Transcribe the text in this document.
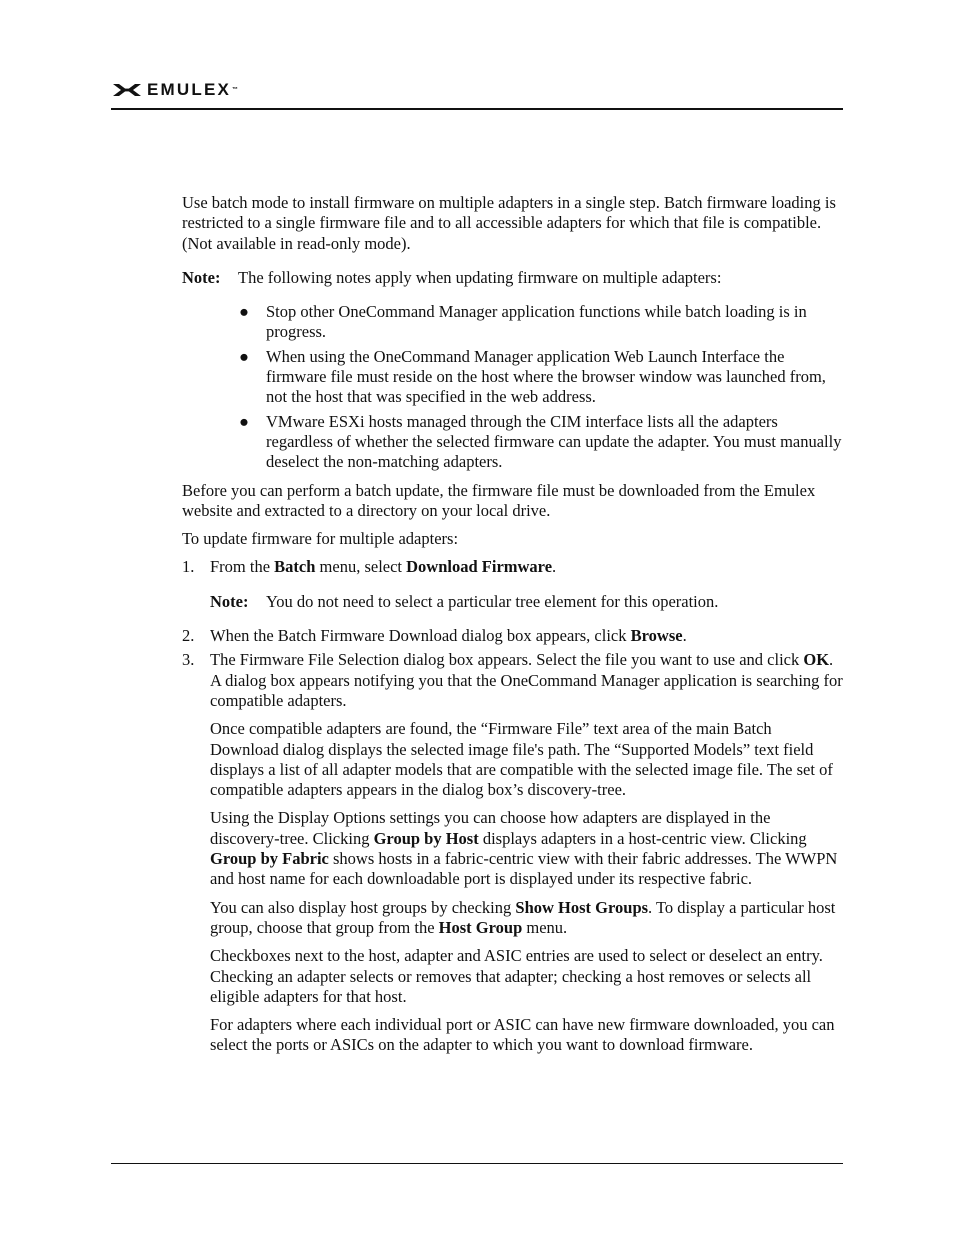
EMULEX™

Use batch mode to install firmware on multiple adapters in a single step. Batch firmware loading is restricted to a single firmware file and to all accessible adapters for which that file is compatible. (Not available in read-only mode).

Note:	The following notes apply when updating firmware on multiple adapters:
● Stop other OneCommand Manager application functions while batch loading is in progress.
● When using the OneCommand Manager application Web Launch Interface the firmware file must reside on the host where the browser window was launched from, not the host that was specified in the web address.
● VMware ESXi hosts managed through the CIM interface lists all the adapters regardless of whether the selected firmware can update the adapter. You must manually deselect the non-matching adapters.

Before you can perform a batch update, the firmware file must be downloaded from the Emulex website and extracted to a directory on your local drive.

To update firmware for multiple adapters:

1. From the Batch menu, select Download Firmware.
Note:	You do not need to select a particular tree element for this operation.
2. When the Batch Firmware Download dialog box appears, click Browse.
3. The Firmware File Selection dialog box appears. Select the file you want to use and click OK. A dialog box appears notifying you that the OneCommand Manager application is searching for compatible adapters.

Once compatible adapters are found, the “Firmware File” text area of the main Batch Download dialog displays the selected image file's path. The “Supported Models” text field displays a list of all adapter models that are compatible with the selected image file. The set of compatible adapters appears in the dialog box’s discovery-tree.

Using the Display Options settings you can choose how adapters are displayed in the discovery-tree. Clicking Group by Host displays adapters in a host-centric view. Clicking Group by Fabric shows hosts in a fabric-centric view with their fabric addresses. The WWPN and host name for each downloadable port is displayed under its respective fabric.

You can also display host groups by checking Show Host Groups. To display a particular host group, choose that group from the Host Group menu.

Checkboxes next to the host, adapter and ASIC entries are used to select or deselect an entry. Checking an adapter selects or removes that adapter; checking a host removes or selects all eligible adapters for that host.

For adapters where each individual port or ASIC can have new firmware downloaded, you can select the ports or ASICs on the adapter to which you want to download firmware.
